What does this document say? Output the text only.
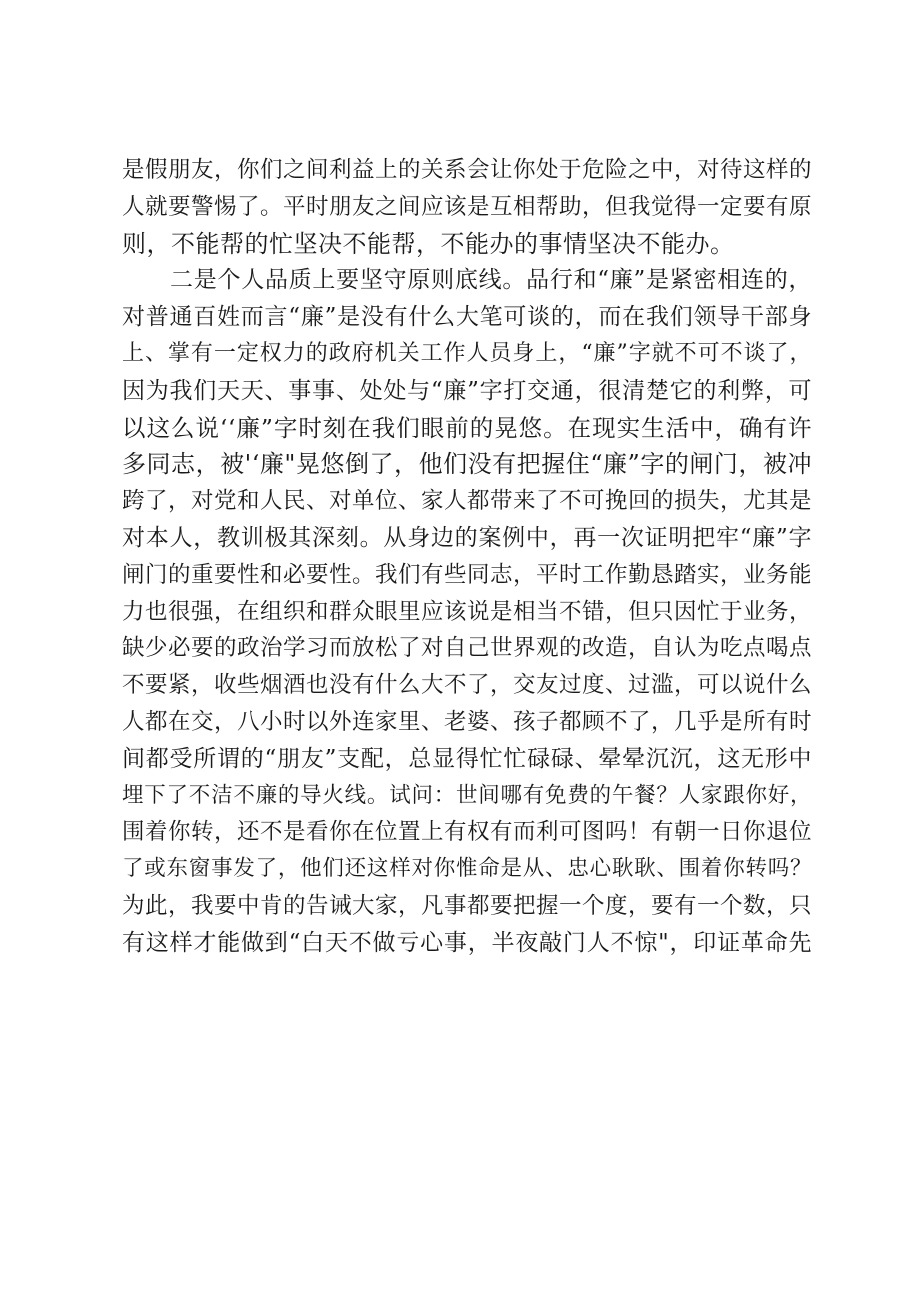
是假朋友，你们之间利益上的关系会让你处于危险之中，对待这样的
人就要警惕了。平时朋友之间应该是互相帮助，但我觉得一定要有原
则，不能帮的忙坚决不能帮，不能办的事情坚决不能办。
二是个人品质上要坚守原则底线。品行和“廉”是紧密相连的，
对普通百姓而言“廉”是没有什么大笔可谈的，而在我们领导干部身
上、掌有一定权力的政府机关工作人员身上，“廉”字就不可不谈了，
因为我们天天、事事、处处与“廉”字打交通，很清楚它的利弊，可
以这么说‘‘廉”字时刻在我们眼前的晃悠。在现实生活中，确有许
多同志，被'‘廉"晃悠倒了，他们没有把握住“廉”字的闸门，被冲
跨了，对党和人民、对单位、家人都带来了不可挽回的损失，尤其是
对本人，教训极其深刻。从身边的案例中，再一次证明把牢“廉”字
闸门的重要性和必要性。我们有些同志，平时工作勤恳踏实，业务能
力也很强，在组织和群众眼里应该说是相当不错，但只因忙于业务，
缺少必要的政治学习而放松了对自己世界观的改造，自认为吃点喝点
不要紧，收些烟酒也没有什么大不了，交友过度、过滥，可以说什么
人都在交，八小时以外连家里、老婆、孩子都顾不了，几乎是所有时
间都受所谓的“朋友”支配，总显得忙忙碌碌、晕晕沉沉，这无形中
埋下了不洁不廉的导火线。试问：世间哪有免费的午餐？人家跟你好，
围着你转，还不是看你在位置上有权有而利可图吗！有朝一日你退位
了或东窗事发了，他们还这样对你惟命是从、忠心耿耿、围着你转吗？
为此，我要中肯的告诫大家，凡事都要把握一个度，要有一个数，只
有这样才能做到“白天不做亏心事，半夜敲门人不惊"，印证革命先
